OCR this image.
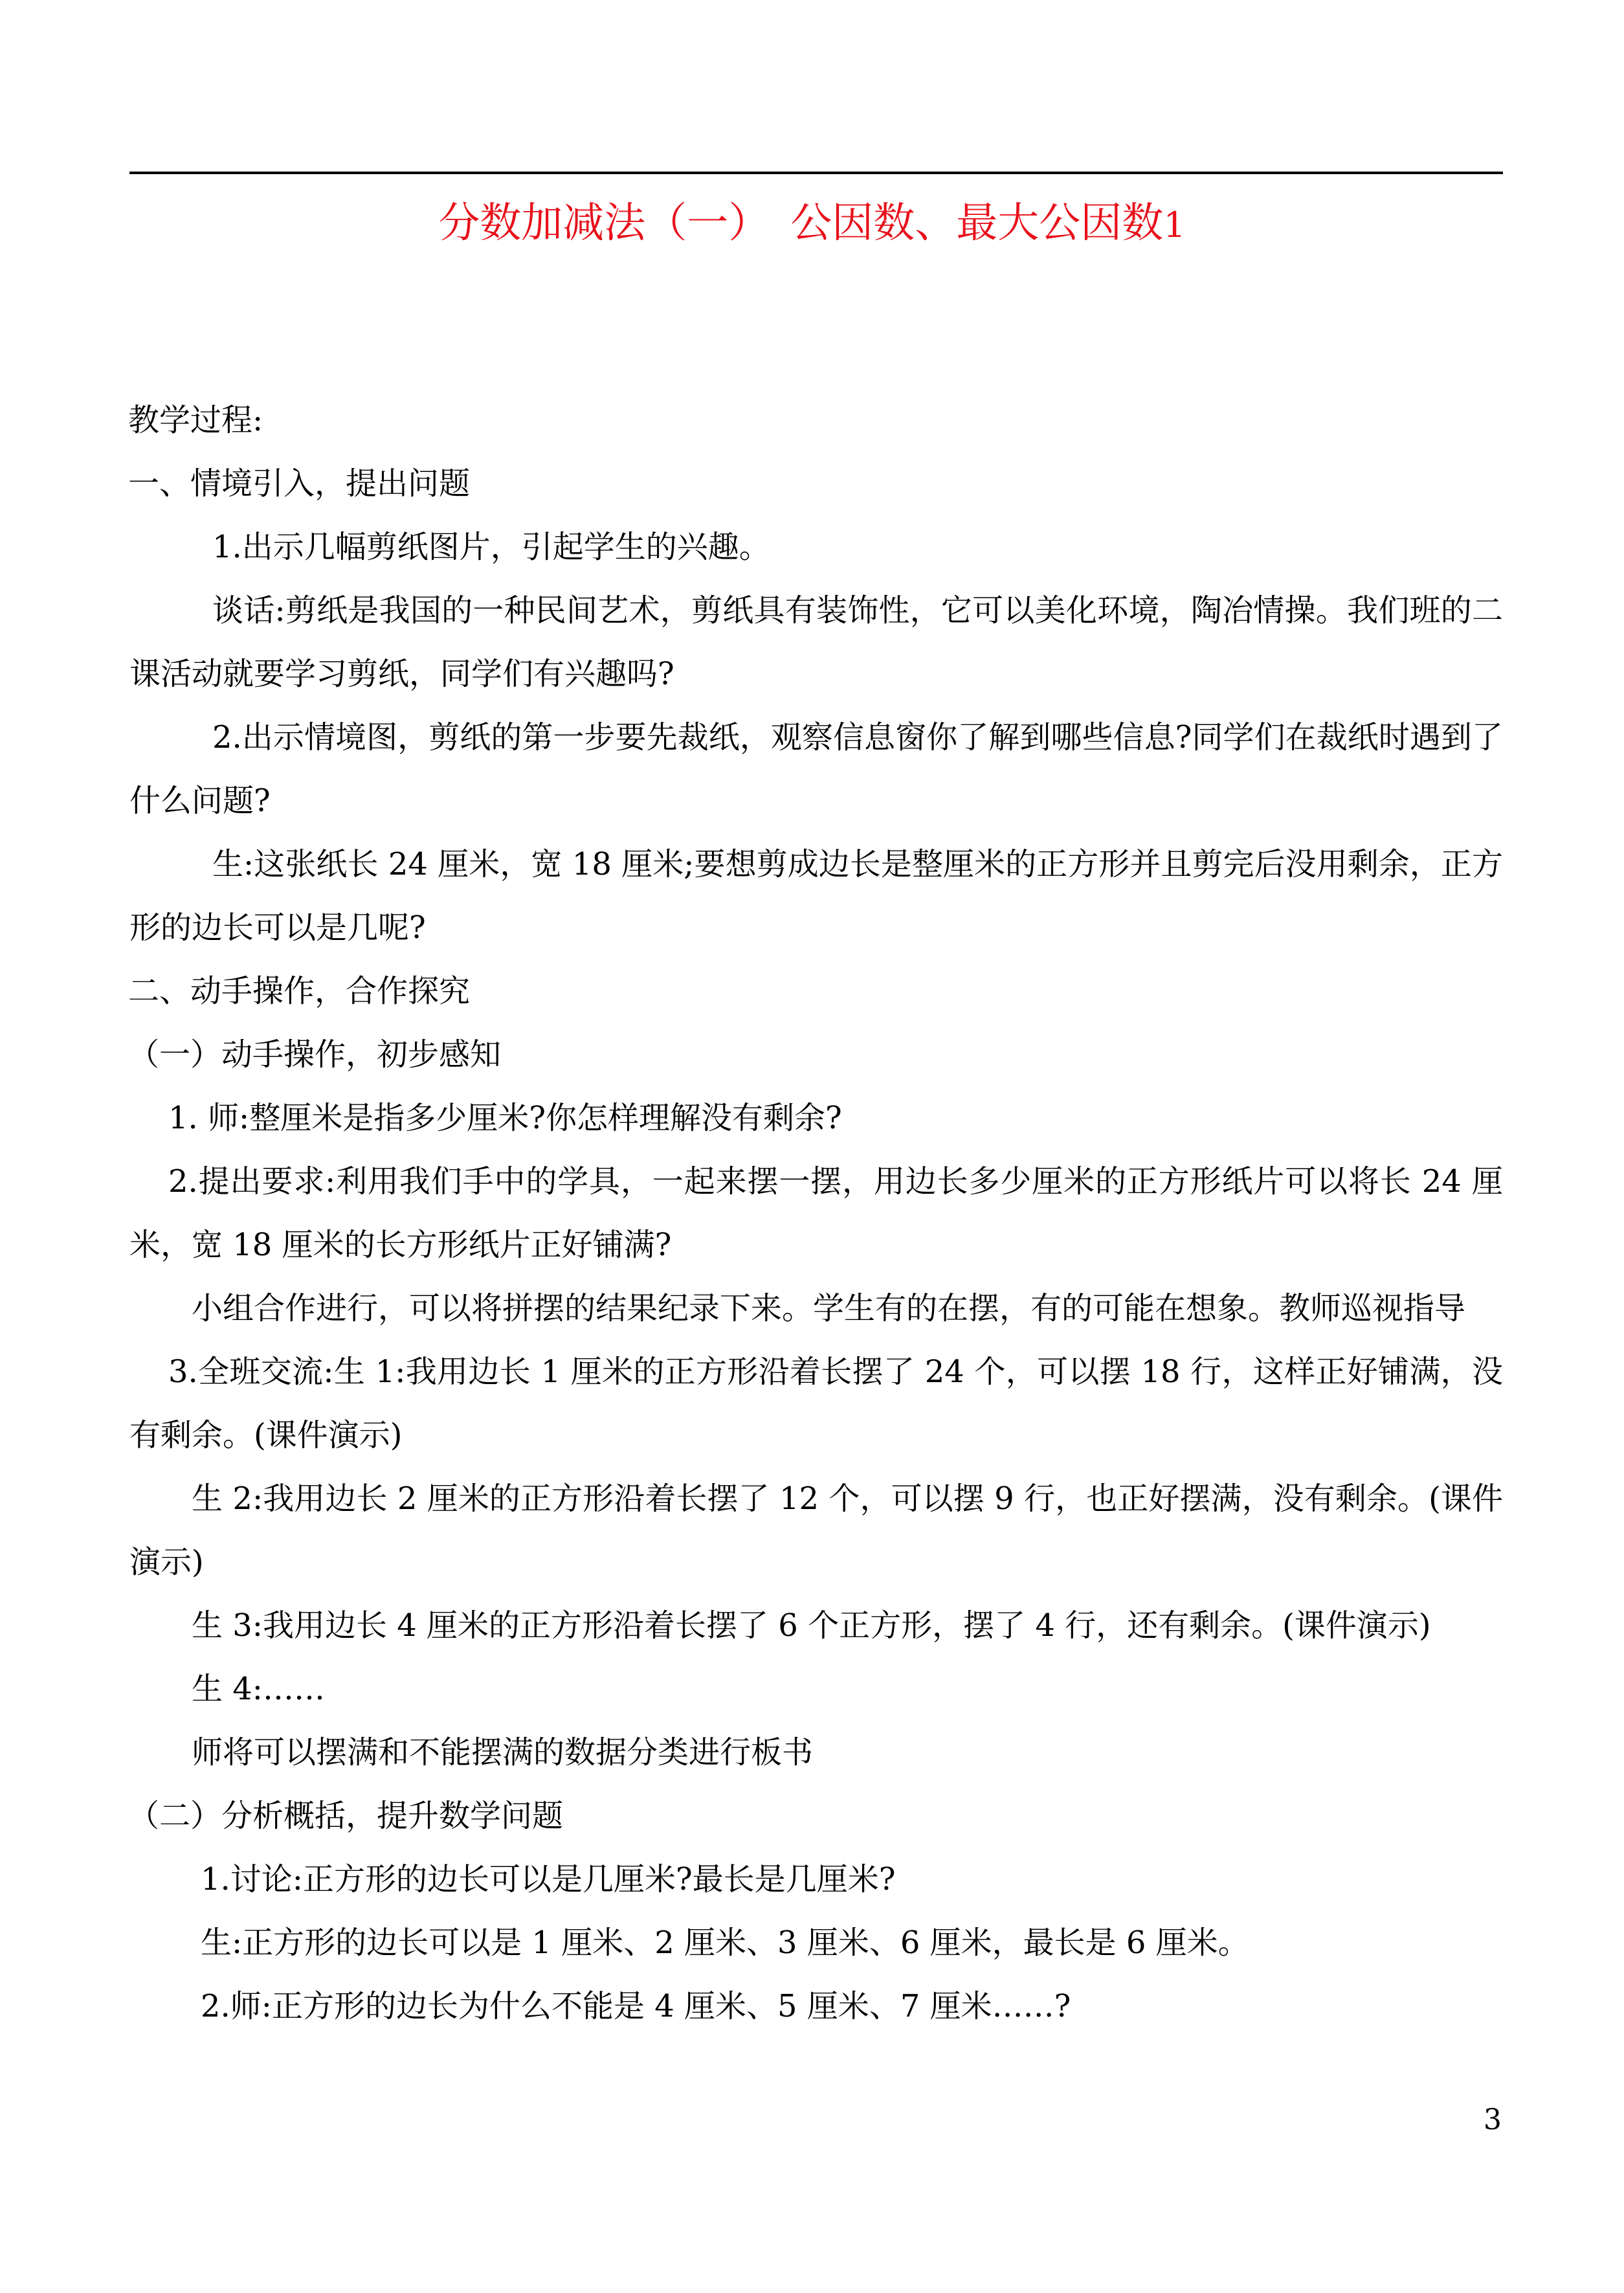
分数加减法（一）　公因数、最大公因数1

教学过程:

一、情境引入，提出问题

1.出示几幅剪纸图片，引起学生的兴趣。

谈话:剪纸是我国的一种民间艺术，剪纸具有装饰性，它可以美化环境，陶冶情操。我们班的二课活动就要学习剪纸，同学们有兴趣吗?

2.出示情境图，剪纸的第一步要先裁纸，观察信息窗你了解到哪些信息?同学们在裁纸时遇到了什么问题?

生:这张纸长 24 厘米，宽 18 厘米;要想剪成边长是整厘米的正方形并且剪完后没用剩余，正方形的边长可以是几呢?

二、动手操作，合作探究

（一）动手操作，初步感知

1. 师:整厘米是指多少厘米?你怎样理解没有剩余?

2.提出要求:利用我们手中的学具，一起来摆一摆，用边长多少厘米的正方形纸片可以将长 24 厘米，宽 18 厘米的长方形纸片正好铺满?

小组合作进行，可以将拼摆的结果纪录下来。学生有的在摆，有的可能在想象。教师巡视指导

3.全班交流:生 1:我用边长 1 厘米的正方形沿着长摆了 24 个，可以摆 18 行，这样正好铺满，没有剩余。(课件演示)

生 2:我用边长 2 厘米的正方形沿着长摆了 12 个，可以摆 9 行，也正好摆满，没有剩余。(课件演示)

生 3:我用边长 4 厘米的正方形沿着长摆了 6 个正方形，摆了 4 行，还有剩余。(课件演示)

生 4:……

师将可以摆满和不能摆满的数据分类进行板书

（二）分析概括，提升数学问题

1.讨论:正方形的边长可以是几厘米?最长是几厘米?

生:正方形的边长可以是 1 厘米、2 厘米、3 厘米、6 厘米，最长是 6 厘米。

2.师:正方形的边长为什么不能是 4 厘米、5 厘米、7 厘米……?

3
